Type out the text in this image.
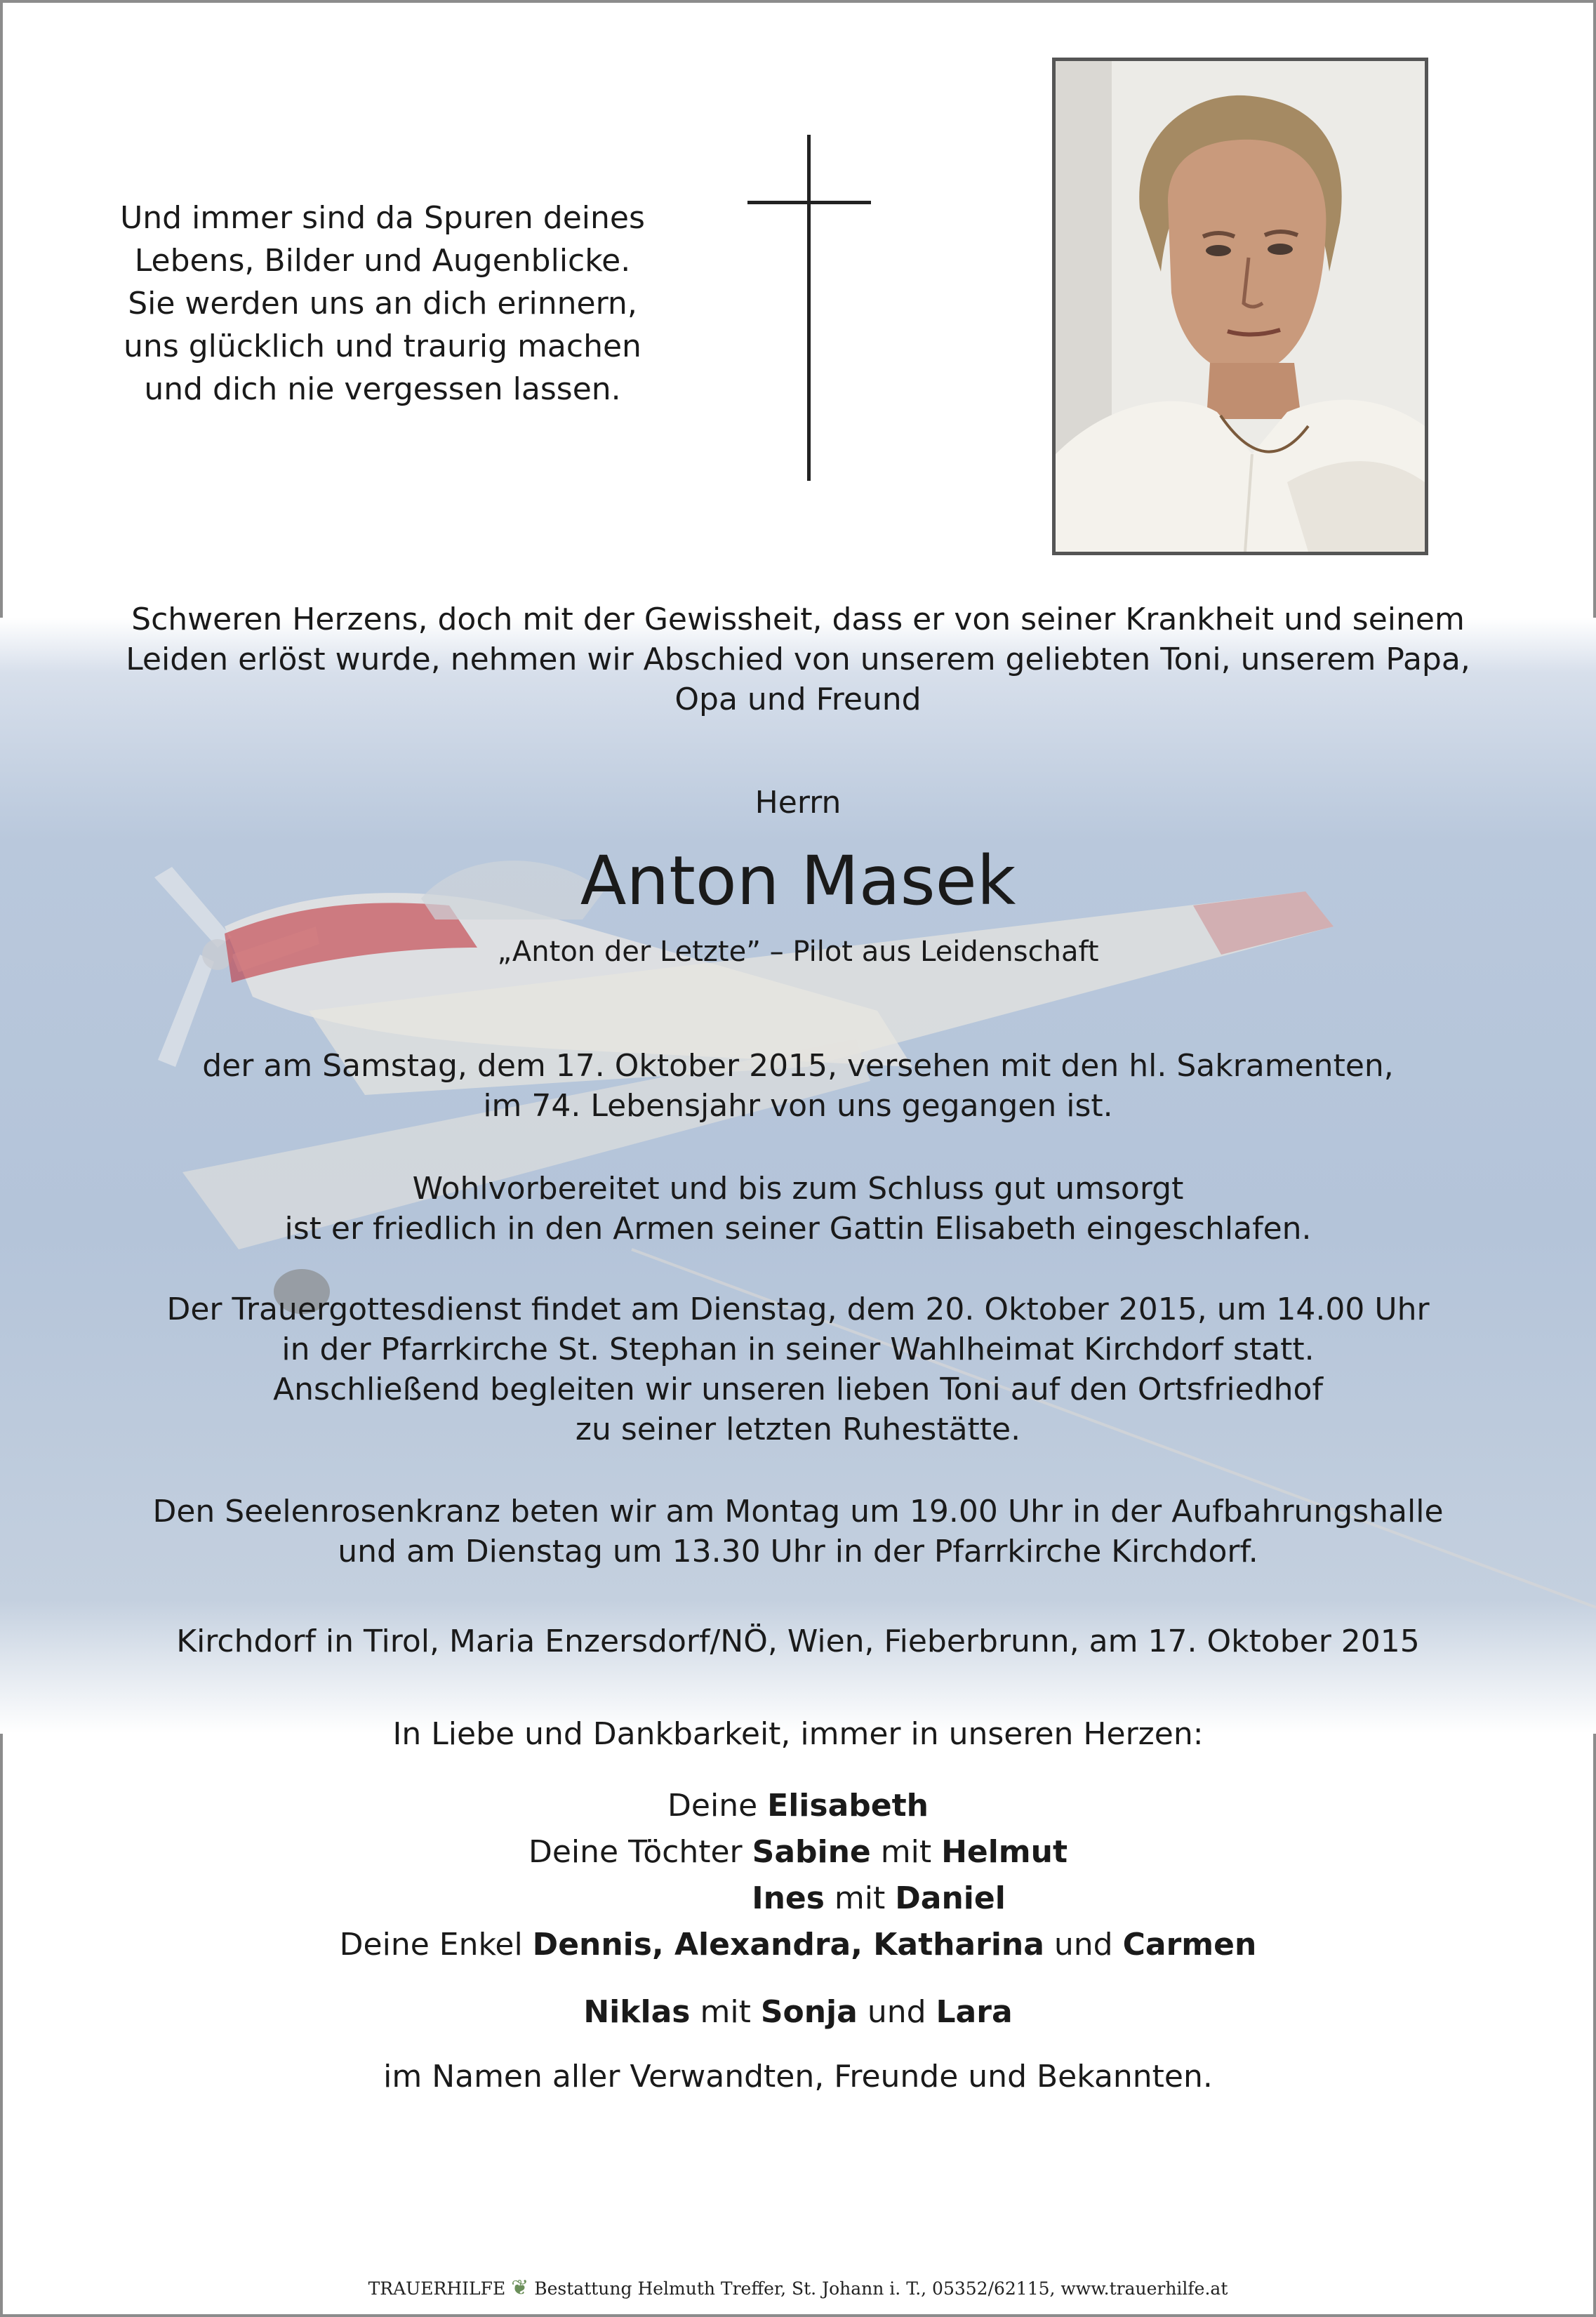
Und immer sind da Spuren deines
Lebens, Bilder und Augenblicke.
Sie werden uns an dich erinnern,
uns glücklich und traurig machen
und dich nie vergessen lassen.
Schweren Herzens, doch mit der Gewissheit, dass er von seiner Krankheit und seinem
Leiden erlöst wurde, nehmen wir Abschied von unserem geliebten Toni, unserem Papa,
Opa und Freund
Herrn
Anton Masek
„Anton der Letzte” – Pilot aus Leidenschaft
der am Samstag, dem 17. Oktober 2015, versehen mit den hl. Sakramenten,
im 74. Lebensjahr von uns gegangen ist.
Wohlvorbereitet und bis zum Schluss gut umsorgt
ist er friedlich in den Armen seiner Gattin Elisabeth eingeschlafen.
Der Trauergottesdienst findet am Dienstag, dem 20. Oktober 2015, um 14.00 Uhr
in der Pfarrkirche St. Stephan in seiner Wahlheimat Kirchdorf statt.
Anschließend begleiten wir unseren lieben Toni auf den Ortsfriedhof
zu seiner letzten Ruhestätte.
Den Seelenrosenkranz beten wir am Montag um 19.00 Uhr in der Aufbahrungshalle
und am Dienstag um 13.30 Uhr in der Pfarrkirche Kirchdorf.
Kirchdorf in Tirol, Maria Enzersdorf/NÖ, Wien, Fieberbrunn, am 17. Oktober 2015
In Liebe und Dankbarkeit, immer in unseren Herzen:
Deine Elisabeth
Deine Töchter Sabine mit Helmut
Ines mit Daniel
Deine Enkel Dennis, Alexandra, Katharina und Carmen
Niklas mit Sonja und Lara
im Namen aller Verwandten, Freunde und Bekannten.
TRAUERHILFE ❦ Bestattung Helmuth Treffer, St. Johann i. T., 05352/62115, www.trauerhilfe.at
